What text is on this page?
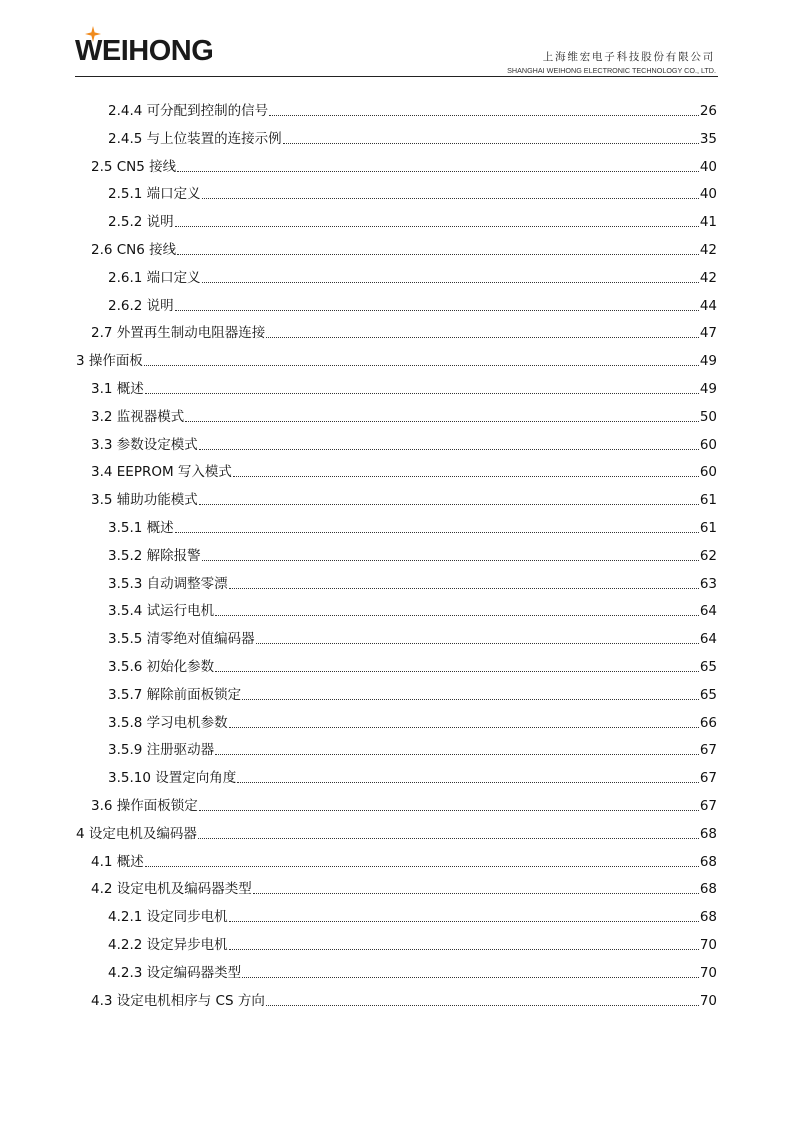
WEIHONG	上海维宏电子科技股份有限公司
SHANGHAI WEIHONG ELECTRONIC TECHNOLOGY CO., LTD.
2.4.4 可分配到控制的信号	26
2.4.5 与上位装置的连接示例	35
2.5 CN5 接线	40
2.5.1 端口定义	40
2.5.2 说明	41
2.6 CN6 接线	42
2.6.1 端口定义	42
2.6.2 说明	44
2.7 外置再生制动电阻器连接	47
3 操作面板	49
3.1 概述	49
3.2 监视器模式	50
3.3 参数设定模式	60
3.4 EEPROM 写入模式	60
3.5 辅助功能模式	61
3.5.1 概述	61
3.5.2 解除报警	62
3.5.3 自动调整零漂	63
3.5.4 试运行电机	64
3.5.5 清零绝对值编码器	64
3.5.6 初始化参数	65
3.5.7 解除前面板锁定	65
3.5.8 学习电机参数	66
3.5.9 注册驱动器	67
3.5.10 设置定向角度	67
3.6 操作面板锁定	67
4 设定电机及编码器	68
4.1 概述	68
4.2 设定电机及编码器类型	68
4.2.1 设定同步电机	68
4.2.2 设定异步电机	70
4.2.3 设定编码器类型	70
4.3 设定电机相序与 CS 方向	70
